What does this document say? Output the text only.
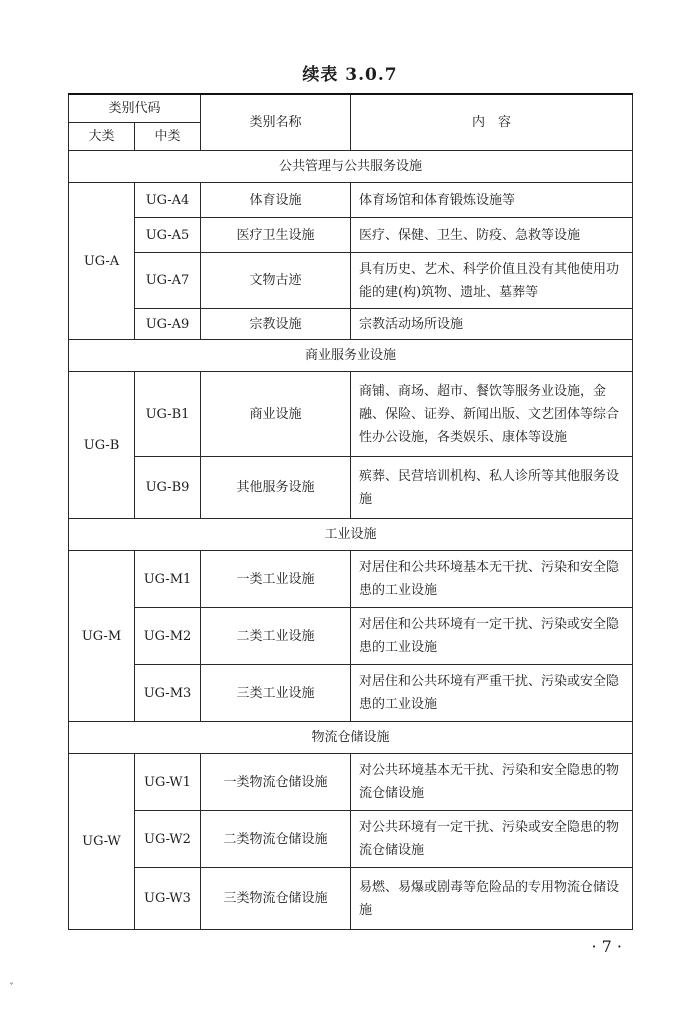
续表 3.0.7
类别代码		类别名称	内　容
大类	中类		
公共管理与公共服务设施			
UG-A	UG-A4	体育设施	体育场馆和体育锻炼设施等
	UG-A5	医疗卫生设施	医疗、保健、卫生、防疫、急救等设施
	UG-A7	文物古迹	具有历史、艺术、科学价值且没有其他使用功能的建(构)筑物、遗址、墓葬等
	UG-A9	宗教设施	宗教活动场所设施
商业服务业设施			
UG-B	UG-B1	商业设施	商铺、商场、超市、餐饮等服务业设施，金融、保险、证券、新闻出版、文艺团体等综合性办公设施，各类娱乐、康体等设施
	UG-B9	其他服务设施	殡葬、民营培训机构、私人诊所等其他服务设施
工业设施			
UG-M	UG-M1	一类工业设施	对居住和公共环境基本无干扰、污染和安全隐患的工业设施
	UG-M2	二类工业设施	对居住和公共环境有一定干扰、污染或安全隐患的工业设施
	UG-M3	三类工业设施	对居住和公共环境有严重干扰、污染或安全隐患的工业设施
物流仓储设施			
UG-W	UG-W1	一类物流仓储设施	对公共环境基本无干扰、污染和安全隐患的物流仓储设施
	UG-W2	二类物流仓储设施	对公共环境有一定干扰、污染或安全隐患的物流仓储设施
	UG-W3	三类物流仓储设施	易燃、易爆或剧毒等危险品的专用物流仓储设施
· 7 ·
ˇ
